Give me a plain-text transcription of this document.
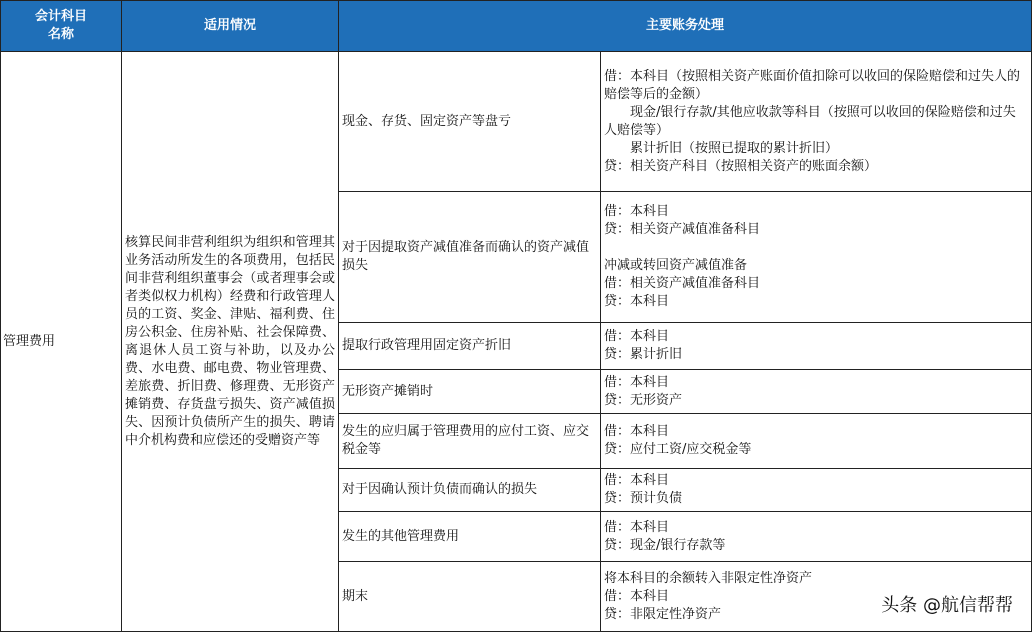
会计科目
名称	适用情况	主要账务处理	
管理费用	核算民间非营利组织为组织和管理其业务活动所发生的各项费用，包括民间非营利组织董事会（或者理事会或者类似权力机构）经费和行政管理人员的工资、奖金、津贴、福利费、住房公积金、住房补贴、社会保障费、离退休人员工资与补助，以及办公费、水电费、邮电费、物业管理费、差旅费、折旧费、修理费、无形资产摊销费、存货盘亏损失、资产减值损失、因预计负债所产生的损失、聘请中介机构费和应偿还的受赠资产等	现金、存货、固定资产等盘亏	借：本科目（按照相关资产账面价值扣除可以收回的保险赔偿和过失人的赔偿等后的金额）
　　现金/银行存款/其他应收款等科目（按照可以收回的保险赔偿和过失人赔偿等）
　　累计折旧（按照已提取的累计折旧）
贷：相关资产科目（按照相关资产的账面余额）

		对于因提取资产减值准备而确认的资产减值损失	借：本科目
贷：相关资产减值准备科目
冲减或转回资产减值准备
借：相关资产减值准备科目
贷：本科目

		提取行政管理用固定资产折旧	借：本科目
贷：累计折旧

		无形资产摊销时	借：本科目
贷：无形资产

		发生的应归属于管理费用的应付工资、应交税金等	借：本科目
贷：应付工资/应交税金等

		对于因确认预计负债而确认的损失	借：本科目
贷：预计负债

		发生的其他管理费用	借：本科目
贷：现金/银行存款等

		期末	将本科目的余额转入非限定性净资产
借：本科目
贷：非限定性净资产	头条 @航信帮帮
